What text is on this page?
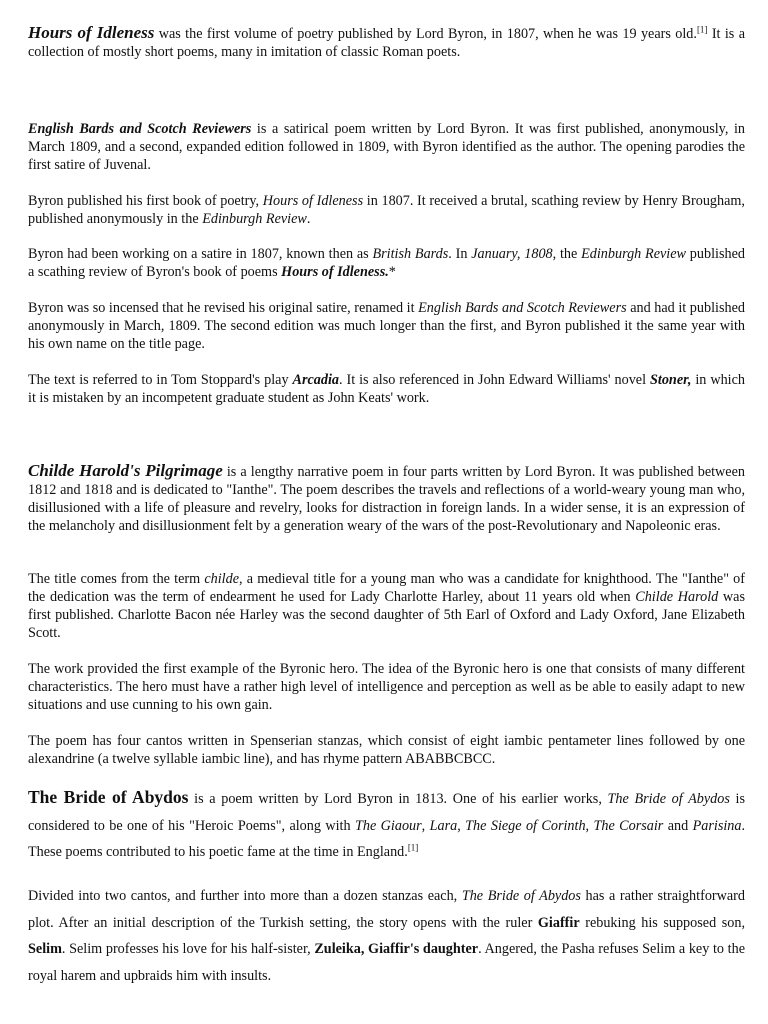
Hours of Idleness was the first volume of poetry published by Lord Byron, in 1807, when he was 19 years old.[1] It is a collection of mostly short poems, many in imitation of classic Roman poets.

English Bards and Scotch Reviewers is a satirical poem written by Lord Byron. It was first published, anonymously, in March 1809, and a second, expanded edition followed in 1809, with Byron identified as the author. The opening parodies the first satire of Juvenal.

Byron published his first book of poetry, Hours of Idleness in 1807. It received a brutal, scathing review by Henry Brougham, published anonymously in the Edinburgh Review.

Byron had been working on a satire in 1807, known then as British Bards. In January, 1808, the Edinburgh Review published a scathing review of Byron's book of poems Hours of Idleness.*

Byron was so incensed that he revised his original satire, renamed it English Bards and Scotch Reviewers and had it published anonymously in March, 1809. The second edition was much longer than the first, and Byron published it the same year with his own name on the title page.

The text is referred to in Tom Stoppard's play Arcadia. It is also referenced in John Edward Williams' novel Stoner, in which it is mistaken by an incompetent graduate student as John Keats' work.

Childe Harold's Pilgrimage is a lengthy narrative poem in four parts written by Lord Byron. It was published between 1812 and 1818 and is dedicated to "Ianthe". The poem describes the travels and reflections of a world-weary young man who, disillusioned with a life of pleasure and revelry, looks for distraction in foreign lands. In a wider sense, it is an expression of the melancholy and disillusionment felt by a generation weary of the wars of the post-Revolutionary and Napoleonic eras.

The title comes from the term childe, a medieval title for a young man who was a candidate for knighthood. The "Ianthe" of the dedication was the term of endearment he used for Lady Charlotte Harley, about 11 years old when Childe Harold was first published. Charlotte Bacon née Harley was the second daughter of 5th Earl of Oxford and Lady Oxford, Jane Elizabeth Scott.

The work provided the first example of the Byronic hero. The idea of the Byronic hero is one that consists of many different characteristics. The hero must have a rather high level of intelligence and perception as well as be able to easily adapt to new situations and use cunning to his own gain.

The poem has four cantos written in Spenserian stanzas, which consist of eight iambic pentameter lines followed by one alexandrine (a twelve syllable iambic line), and has rhyme pattern ABABBCBCC.

The Bride of Abydos is a poem written by Lord Byron in 1813. One of his earlier works, The Bride of Abydos is considered to be one of his "Heroic Poems", along with The Giaour, Lara, The Siege of Corinth, The Corsair and Parisina. These poems contributed to his poetic fame at the time in England.[1]

Divided into two cantos, and further into more than a dozen stanzas each, The Bride of Abydos has a rather straightforward plot. After an initial description of the Turkish setting, the story opens with the ruler Giaffir rebuking his supposed son, Selim. Selim professes his love for his half-sister, Zuleika, Giaffir's daughter. Angered, the Pasha refuses Selim a key to the royal harem and upbraids him with insults.
